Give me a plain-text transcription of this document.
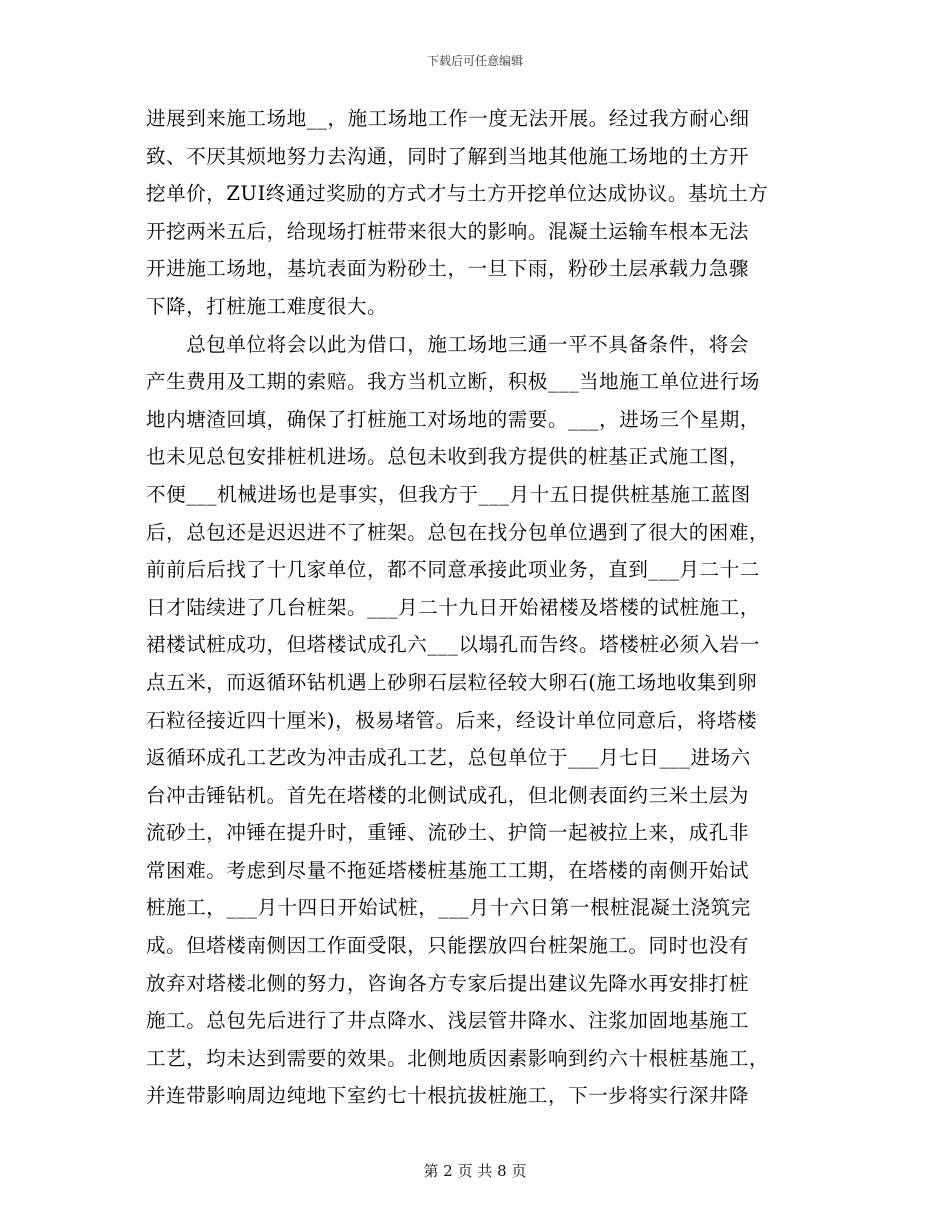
下载后可任意编辑
进展到来施工场地__，施工场地工作一度无法开展。经过我方耐心细
致、不厌其烦地努力去沟通，同时了解到当地其他施工场地的土方开
挖单价，ZUI终通过奖励的方式才与土方开挖单位达成协议。基坑土方
开挖两米五后，给现场打桩带来很大的影响。混凝土运输车根本无法
开进施工场地，基坑表面为粉砂土，一旦下雨，粉砂土层承载力急骤
下降，打桩施工难度很大。
　　总包单位将会以此为借口，施工场地三通一平不具备条件，将会
产生费用及工期的索赔。我方当机立断，积极___当地施工单位进行场
地内塘渣回填，确保了打桩施工对场地的需要。___，进场三个星期，
也未见总包安排桩机进场。总包未收到我方提供的桩基正式施工图，
不便___机械进场也是事实，但我方于___月十五日提供桩基施工蓝图
后，总包还是迟迟进不了桩架。总包在找分包单位遇到了很大的困难，
前前后后找了十几家单位，都不同意承接此项业务，直到___月二十二
日才陆续进了几台桩架。___月二十九日开始裙楼及塔楼的试桩施工，
裙楼试桩成功，但塔楼试成孔六___以塌孔而告终。塔楼桩必须入岩一
点五米，而返循环钻机遇上砂卵石层粒径较大卵石(施工场地收集到卵
石粒径接近四十厘米)，极易堵管。后来，经设计单位同意后，将塔楼
返循环成孔工艺改为冲击成孔工艺，总包单位于___月七日___进场六
台冲击锤钻机。首先在塔楼的北侧试成孔，但北侧表面约三米土层为
流砂土，冲锤在提升时，重锤、流砂土、护筒一起被拉上来，成孔非
常困难。考虑到尽量不拖延塔楼桩基施工工期，在塔楼的南侧开始试
桩施工，___月十四日开始试桩，___月十六日第一根桩混凝土浇筑完
成。但塔楼南侧因工作面受限，只能摆放四台桩架施工。同时也没有
放弃对塔楼北侧的努力，咨询各方专家后提出建议先降水再安排打桩
施工。总包先后进行了井点降水、浅层管井降水、注浆加固地基施工
工艺，均未达到需要的效果。北侧地质因素影响到约六十根桩基施工，
并连带影响周边纯地下室约七十根抗拔桩施工，下一步将实行深井降
第 2 页 共 8 页
